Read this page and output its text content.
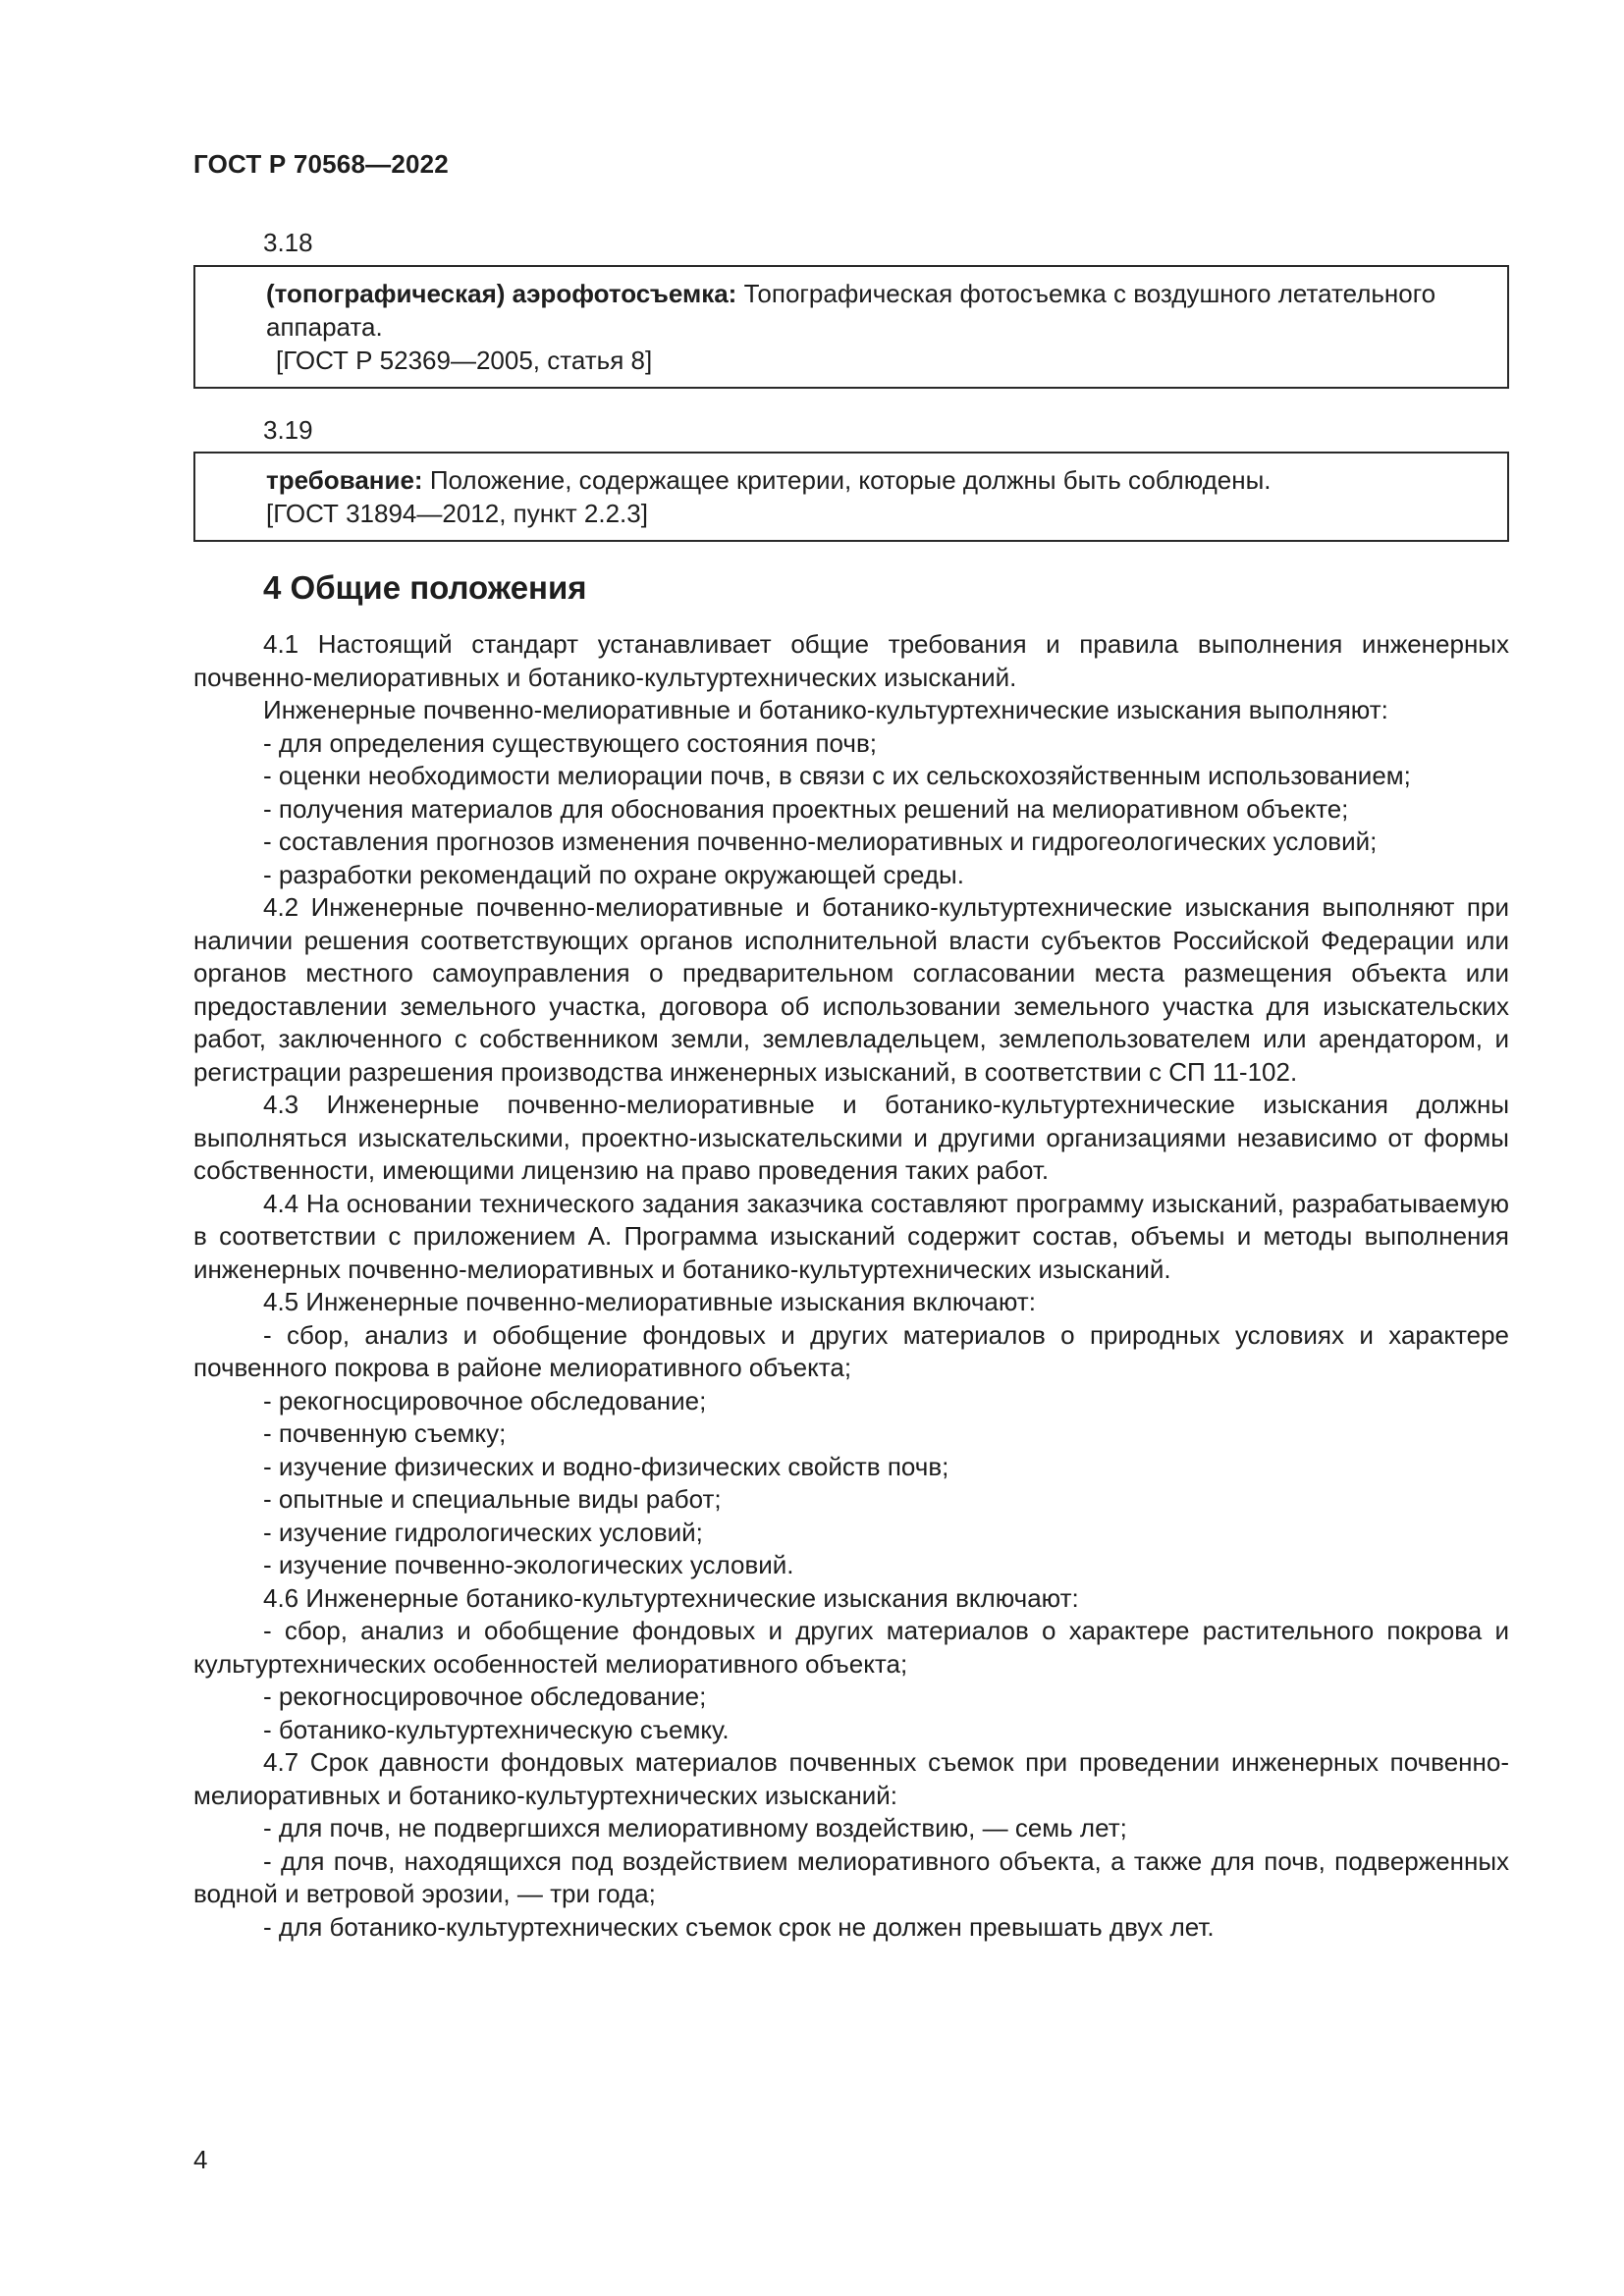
ГОСТ Р 70568—2022
3.18
(топографическая) аэрофотосъемка: Топографическая фотосъемка с воздушного летательного аппарата.
[ГОСТ Р 52369—2005, статья 8]
3.19
требование: Положение, содержащее критерии, которые должны быть соблюдены.
[ГОСТ 31894—2012, пункт 2.2.3]
4 Общие положения

4.1 Настоящий стандарт устанавливает общие требования и правила выполнения инженерных почвенно-мелиоративных и ботанико-культуртехнических изысканий.

Инженерные почвенно-мелиоративные и ботанико-культуртехнические изыскания выполняют:

- для определения существующего состояния почв;

- оценки необходимости мелиорации почв, в связи с их сельскохозяйственным использованием;

- получения материалов для обоснования проектных решений на мелиоративном объекте;

- составления прогнозов изменения почвенно-мелиоративных и гидрогеологических условий;

- разработки рекомендаций по охране окружающей среды.

4.2 Инженерные почвенно-мелиоративные и ботанико-культуртехнические изыскания выполняют при наличии решения соответствующих органов исполнительной власти субъектов Российской Федерации или органов местного самоуправления о предварительном согласовании места размещения объекта или предоставлении земельного участка, договора об использовании земельного участка для изыскательских работ, заключенного с собственником земли, землевладельцем, землепользователем или арендатором, и регистрации разрешения производства инженерных изысканий, в соответствии с СП 11-102.

4.3 Инженерные почвенно-мелиоративные и ботанико-культуртехнические изыскания должны выполняться изыскательскими, проектно-изыскательскими и другими организациями независимо от формы собственности, имеющими лицензию на право проведения таких работ.

4.4 На основании технического задания заказчика составляют программу изысканий, разрабатываемую в соответствии с приложением А. Программа изысканий содержит состав, объемы и методы выполнения инженерных почвенно-мелиоративных и ботанико-культуртехнических изысканий.

4.5 Инженерные почвенно-мелиоративные изыскания включают:

- сбор, анализ и обобщение фондовых и других материалов о природных условиях и характере почвенного покрова в районе мелиоративного объекта;

- рекогносцировочное обследование;

- почвенную съемку;

- изучение физических и водно-физических свойств почв;

- опытные и специальные виды работ;

- изучение гидрологических условий;

- изучение почвенно-экологических условий.

4.6 Инженерные ботанико-культуртехнические изыскания включают:

- сбор, анализ и обобщение фондовых и других материалов о характере растительного покрова и культуртехнических особенностей мелиоративного объекта;

- рекогносцировочное обследование;

- ботанико-культуртехническую съемку.

4.7 Срок давности фондовых материалов почвенных съемок при проведении инженерных почвенно-мелиоративных и ботанико-культуртехнических изысканий:

- для почв, не подвергшихся мелиоративному воздействию, — семь лет;

- для почв, находящихся под воздействием мелиоративного объекта, а также для почв, подверженных водной и ветровой эрозии, — три года;

- для ботанико-культуртехнических съемок срок не должен превышать двух лет.

4
